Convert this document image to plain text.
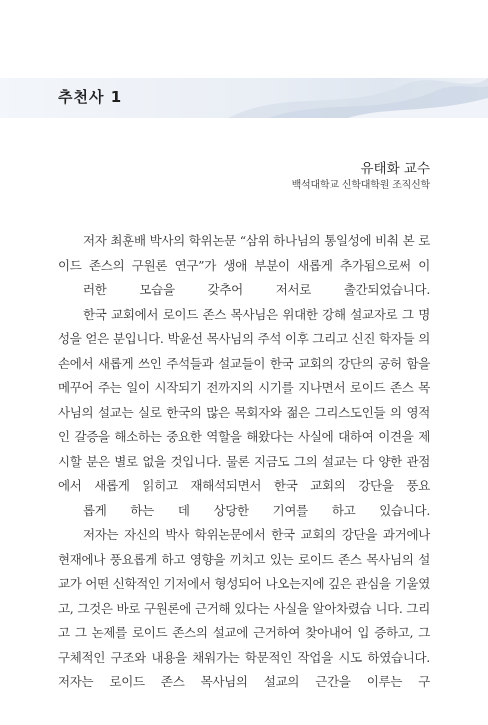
추천사 1
유태화 교수
백석대학교 신학대학원 조직신학

저자 최훈배 박사의 학위논문 “삼위 하나님의 통일성에 비춰 본 로이드 존스의 구원론 연구”가 생애 부분이 새롭게 추가됨으로써 이
러한 모습을 갖추어 저서로 출간되었습니다.

한국 교회에서 로이드 존스 목사님은 위대한 강해 설교자로 그 명 성을 얻은 분입니다. 박윤선 목사님의 주석 이후 그리고 신진 학자들 의 손에서 새롭게 쓰인 주석들과 설교들이 한국 교회의 강단의 공허 함을 메꾸어 주는 일이 시작되기 전까지의 시기를 지나면서 로이드 존스 목사님의 설교는 실로 한국의 많은 목회자와 젊은 그리스도인들 의 영적인 갈증을 해소하는 중요한 역할을 해왔다는 사실에 대하여 이견을 제시할 분은 별로 없을 것입니다. 물론 지금도 그의 설교는 다 양한 관점에서 새롭게 읽히고 재해석되면서 한국 교회의 강단을 풍요
롭게 하는 데 상당한 기여를 하고 있습니다.

저자는 자신의 박사 학위논문에서 한국 교회의 강단을 과거에나 현재에나 풍요롭게 하고 영향을 끼치고 있는 로이드 존스 목사님의 설교가 어떤 신학적인 기저에서 형성되어 나오는지에 깊은 관심을 기울였고, 그것은 바로 구원론에 근거해 있다는 사실을 알아차렸습 니다. 그리고 그 논제를 로이드 존스의 설교에 근거하여 찾아내어 입 증하고, 그 구체적인 구조와 내용을 채워가는 학문적인 작업을 시도 하였습니다. 저자는 로이드 존스 목사님의 설교의 근간을 이루는 구
